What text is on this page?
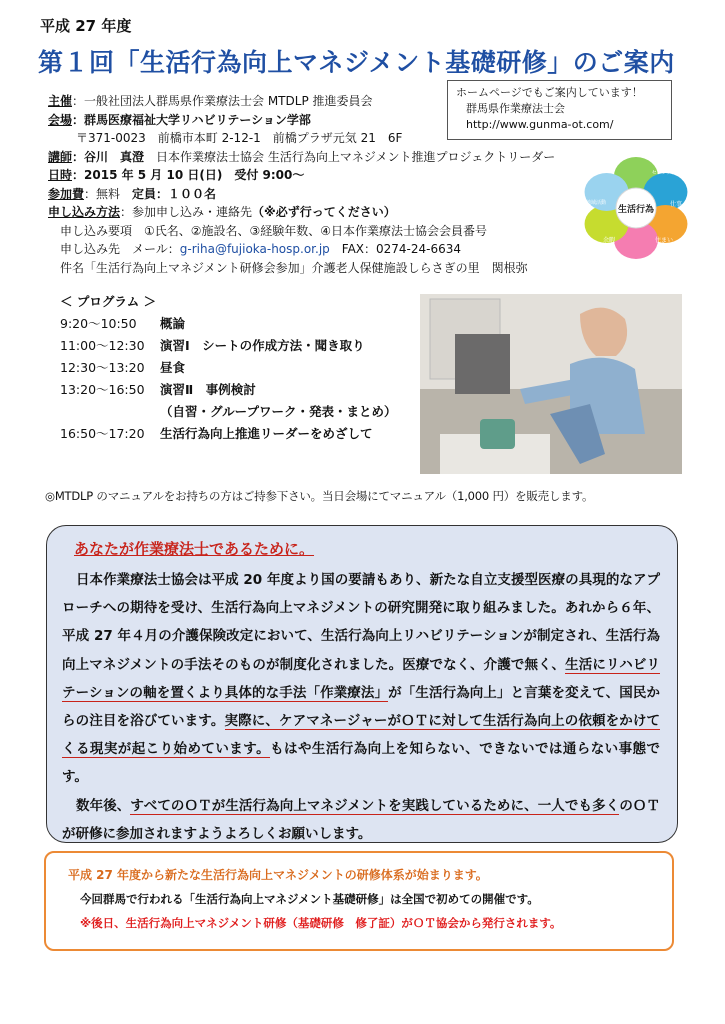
平成 27 年度
第１回「生活行為向上マネジメント基礎研修」のご案内
主催：一般社団法人群馬県作業療法士会 MTDLP 推進委員会
会場：群馬医療福祉大学リハビリテーション学部
〒371-0023　前橋市本町 2-12-1　前橋プラザ元気 21　6F
講師：谷川　真澄　 日本作業療法士協会 生活行為向上マネジメント推進プロジェクトリーダー
日時：2015 年 5 月 10 日(日)　受付 9:00～
参加費：無料　定員：１００名
申し込み方法：参加申し込み・連絡先（※必ず行ってください）
申し込み要項　①氏名、②施設名、③経験年数、④日本作業療法士協会会員番号
申し込み先　メール：g-riha@fujioka-hosp.or.jp　FAX：0274-24-6634
件名「生活行為向上マネジメント研修会参加」介護老人保健施設しらさぎの里　関根弥
ホームページでもご案内しています！
群馬県作業療法士会
http://www.gunma-ot.com/
生活行為
セルフケア
仕事
住まい
余暇
地域活動
＜ プログラム ＞
9:20～10:50 概論
11:00～12:30 演習Ⅰ　シートの作成方法・聞き取り
12:30～13:20 昼食
13:20～16:50 演習Ⅱ　事例検討
（自習・グループワーク・発表・まとめ）
16:50～17:20 生活行為向上推進リーダーをめざして
◎MTDLP のマニュアルをお持ちの方はご持参下さい。当日会場にてマニュアル（1,000 円）を販売します。
あなたが作業療法士であるために。

日本作業療法士協会は平成 20 年度より国の要請もあり、新たな自立支援型医療の具現的なアプローチへの期待を受け、生活行為向上マネジメントの研究開発に取り組みました。あれから６年、平成 27 年４月の介護保険改定において、生活行為向上リハビリテーションが制定され、生活行為向上マネジメントの手法そのものが制度化されました。医療でなく、介護で無く、生活にリハビリテーションの軸を置くより具体的な手法「作業療法」が「生活行為向上」と言葉を変えて、国民からの注目を浴びています。実際に、ケアマネージャーがＯＴに対して生活行為向上の依頼をかけてくる現実が起こり始めています。もはや生活行為向上を知らない、できないでは通らない事態です。

数年後、すべてのＯＴが生活行為向上マネジメントを実践しているために、一人でも多くのＯＴが研修に参加されますようよろしくお願いします。

平成 27 年度から新たな生活行為向上マネジメントの研修体系が始まります。
今回群馬で行われる「生活行為向上マネジメント基礎研修」は全国で初めての開催です。
※後日、生活行為向上マネジメント研修（基礎研修　修了証）がＯＴ協会から発行されます。
